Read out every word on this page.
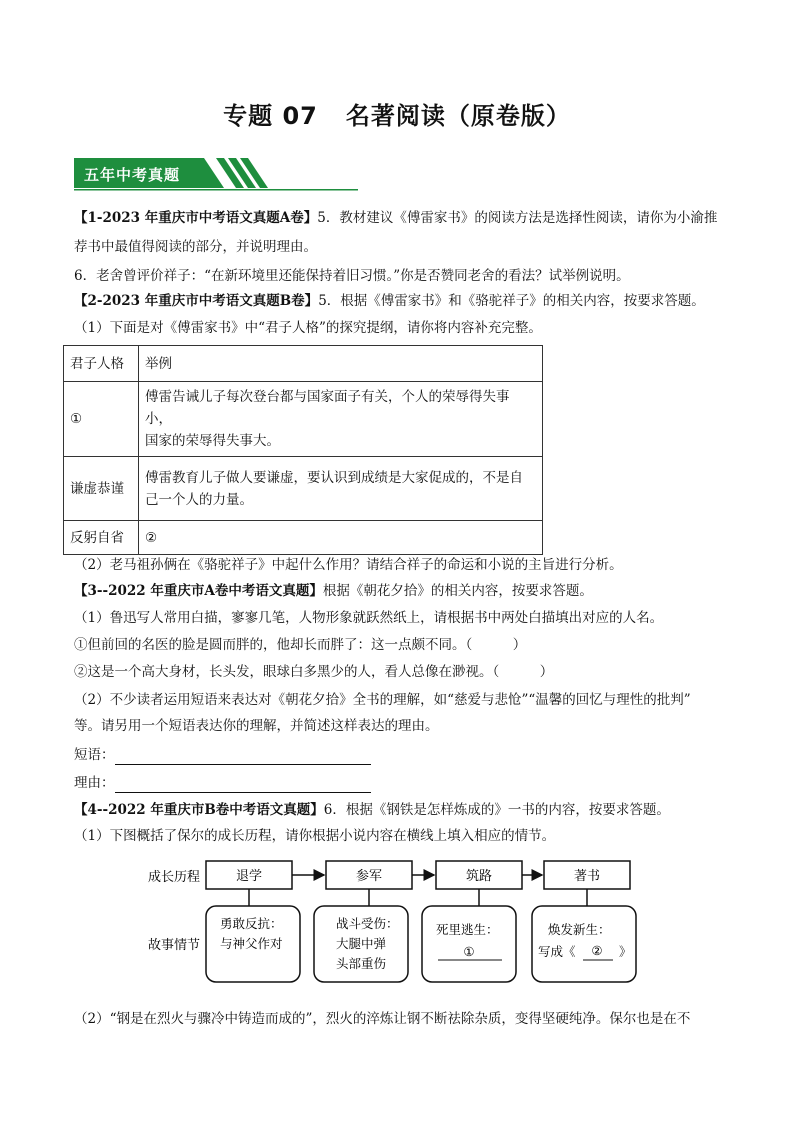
专题 07 名著阅读（原卷版）
五年中考真题
【1-2023 年重庆市中考语文真题A卷】5．教材建议《傅雷家书》的阅读方法是选择性阅读，请你为小渝推
荐书中最值得阅读的部分，并说明理由。
6．老舍曾评价祥子：“在新环境里还能保持着旧习惯。”你是否赞同老舍的看法？试举例说明。
【2-2023 年重庆市中考语文真题B卷】5．根据《傅雷家书》和《骆驼祥子》的相关内容，按要求答题。
（1）下面是对《傅雷家书》中“君子人格”的探究提纲，请你将内容补充完整。
君子人格	举例
①	傅雷告诫儿子每次登台都与国家面子有关，个人的荣辱得失事小，
国家的荣辱得失事大。
谦虚恭谨	傅雷教育儿子做人要谦虚，要认识到成绩是大家促成的，不是自
己一个人的力量。
反躬自省	②
（2）老马祖孙俩在《骆驼祥子》中起什么作用？请结合祥子的命运和小说的主旨进行分析。
【3--2022 年重庆市A卷中考语文真题】根据《朝花夕拾》的相关内容，按要求答题。
（1）鲁迅写人常用白描，寥寥几笔，人物形象就跃然纸上，请根据书中两处白描填出对应的人名。
①但前回的名医的脸是圆而胖的，他却长而胖了：这一点颇不同。（　　　）
②这是一个高大身材，长头发，眼球白多黑少的人，看人总像在渺视。（　　　）
（2）不少读者运用短语来表达对《朝花夕拾》全书的理解，如“慈爱与悲怆”“温馨的回忆与理性的批判”
等。请另用一个短语表达你的理解，并简述这样表达的理由。
短语：
理由：
【4--2022 年重庆市B卷中考语文真题】6．根据《钢铁是怎样炼成的》一书的内容，按要求答题。
（1）下图概括了保尔的成长历程，请你根据小说内容在横线上填入相应的情节。
成长历程
故事情节
退学	参军	筑路	著书
勇敢反抗：
与神父作对
战斗受伤：
大腿中弹
头部重伤
死里逃生：
①
焕发新生：
写成《 ② 》
（2）“钢是在烈火与骤冷中铸造而成的”，烈火的淬炼让钢不断祛除杂质，变得坚硬纯净。保尔也是在不
